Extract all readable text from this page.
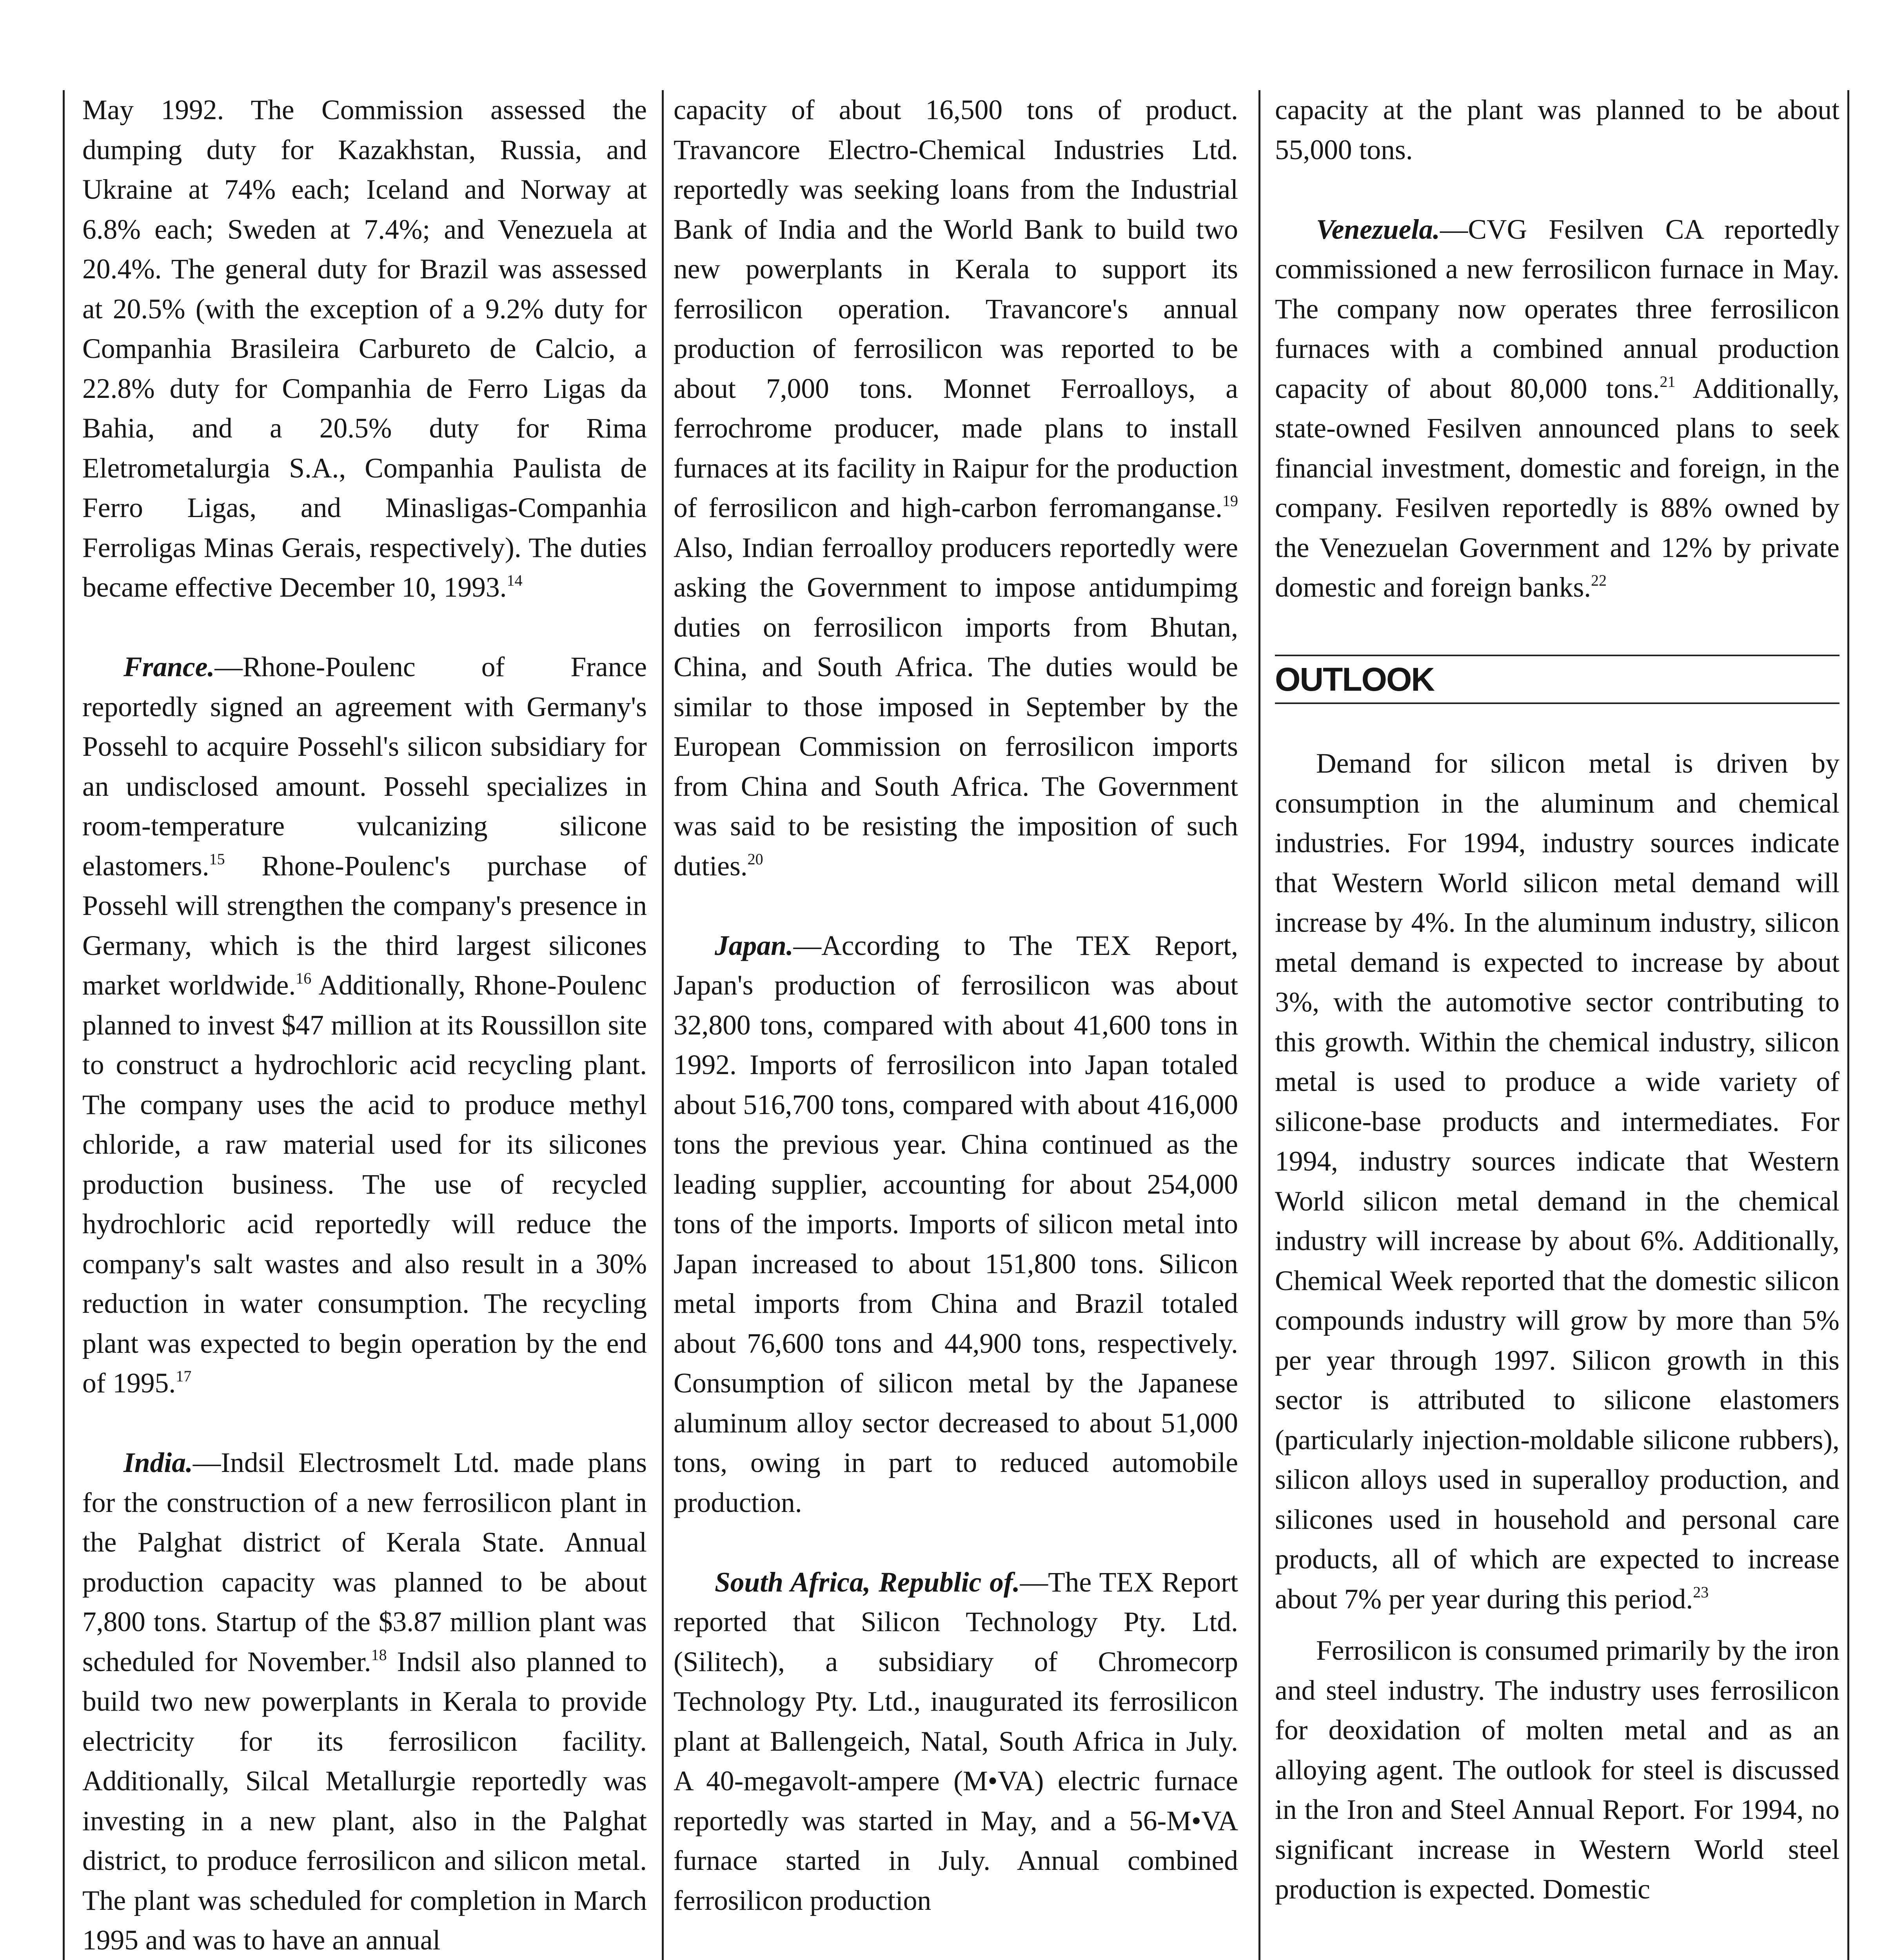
May 1992. The Commission assessed the dumping duty for Kazakhstan, Russia, and Ukraine at 74% each; Iceland and Norway at 6.8% each; Sweden at 7.4%; and Venezuela at 20.4%. The general duty for Brazil was assessed at 20.5% (with the exception of a 9.2% duty for Companhia Brasileira Carbureto de Calcio, a 22.8% duty for Companhia de Ferro Ligas da Bahia, and a 20.5% duty for Rima Eletrometalurgia S.A., Companhia Paulista de Ferro Ligas, and Minasligas-Companhia Ferroligas Minas Gerais, respectively). The duties became effective December 10, 1993.14

France.—Rhone-Poulenc of France reportedly signed an agreement with Germany's Possehl to acquire Possehl's silicon subsidiary for an undisclosed amount. Possehl specializes in room-temperature vulcanizing silicone elastomers.$^{15}$ Rhone-Poulenc's purchase of Possehl will strengthen the company's presence in Germany, which is the third largest silicones market worldwide.$^{16}$ Additionally, Rhone-Poulenc planned to invest $47 million at its Roussillon site to construct a hydrochloric acid recycling plant. The company uses the acid to produce methyl chloride, a raw material used for its silicones production business. The use of recycled hydrochloric acid reportedly will reduce the company's salt wastes and also result in a 30% reduction in water consumption. The recycling plant was expected to begin operation by the end of 1995.17

India.—Indsil Electrosmelt Ltd. made plans for the construction of a new ferrosilicon plant in the Palghat district of Kerala State. Annual production capacity was planned to be about 7,800 tons. Startup of the $3.87 million plant was scheduled for November.$^{18}$ Indsil also planned to build two new powerplants in Kerala to provide electricity for its ferrosilicon facility. Additionally, Silcal Metallurgie reportedly was investing in a new plant, also in the Palghat district, to produce ferrosilicon and silicon metal. The plant was scheduled for completion in March 1995 and was to have an annual

capacity of about 16,500 tons of product. Travancore Electro-Chemical Industries Ltd. reportedly was seeking loans from the Industrial Bank of India and the World Bank to build two new powerplants in Kerala to support its ferrosilicon operation. Travancore's annual production of ferrosilicon was reported to be about 7,000 tons. Monnet Ferroalloys, a ferrochrome producer, made plans to install furnaces at its facility in Raipur for the production of ferrosilicon and high-carbon ferromanganse.$^{19}$ Also, Indian ferroalloy producers reportedly were asking the Government to impose antidumpimg duties on ferrosilicon imports from Bhutan, China, and South Africa. The duties would be similar to those imposed in September by the European Commission on ferrosilicon imports from China and South Africa. The Government was said to be resisting the imposition of such duties.$^{20}$

Japan.—According to The TEX Report, Japan's production of ferrosilicon was about 32,800 tons, compared with about 41,600 tons in 1992. Imports of ferrosilicon into Japan totaled about 516,700 tons, compared with about 416,000 tons the previous year. China continued as the leading supplier, accounting for about 254,000 tons of the imports. Imports of silicon metal into Japan increased to about 151,800 tons. Silicon metal imports from China and Brazil totaled about 76,600 tons and 44,900 tons, respectively. Consumption of silicon metal by the Japanese aluminum alloy sector decreased to about 51,000 tons, owing in part to reduced automobile production.

South Africa, Republic of.—The TEX Report reported that Silicon Technology Pty. Ltd. (Silitech), a subsidiary of Chromecorp Technology Pty. Ltd., inaugurated its ferrosilicon plant at Ballengeich, Natal, South Africa in July. A 40-megavolt-ampere (M•VA) electric furnace reportedly was started in May, and a 56-M•VA furnace started in July. Annual combined ferrosilicon production

capacity at the plant was planned to be about 55,000 tons.

Venezuela.—CVG Fesilven CA reportedly commissioned a new ferrosilicon furnace in May. The company now operates three ferrosilicon furnaces with a combined annual production capacity of about 80,000 tons.$^{21}$ Additionally, state-owned Fesilven announced plans to seek financial investment, domestic and foreign, in the company. Fesilven reportedly is 88% owned by the Venezuelan Government and 12% by private domestic and foreign banks.$^{22}$

OUTLOOK

Demand for silicon metal is driven by consumption in the aluminum and chemical industries. For 1994, industry sources indicate that Western World silicon metal demand will increase by 4%. In the aluminum industry, silicon metal demand is expected to increase by about 3%, with the automotive sector contributing to this growth. Within the chemical industry, silicon metal is used to produce a wide variety of silicone-base products and intermediates. For 1994, industry sources indicate that Western World silicon metal demand in the chemical industry will increase by about 6%. Additionally, Chemical Week reported that the domestic silicon compounds industry will grow by more than 5% per year through 1997. Silicon growth in this sector is attributed to silicone elastomers (particularly injection-moldable silicone rubbers), silicon alloys used in superalloy production, and silicones used in household and personal care products, all of which are expected to increase about 7% per year during this period.$^{23}$

Ferrosilicon is consumed primarily by the iron and steel industry. The industry uses ferrosilicon for deoxidation of molten metal and as an alloying agent. The outlook for steel is discussed in the Iron and Steel Annual Report. For 1994, no significant increase in Western World steel production is expected. Domestic
